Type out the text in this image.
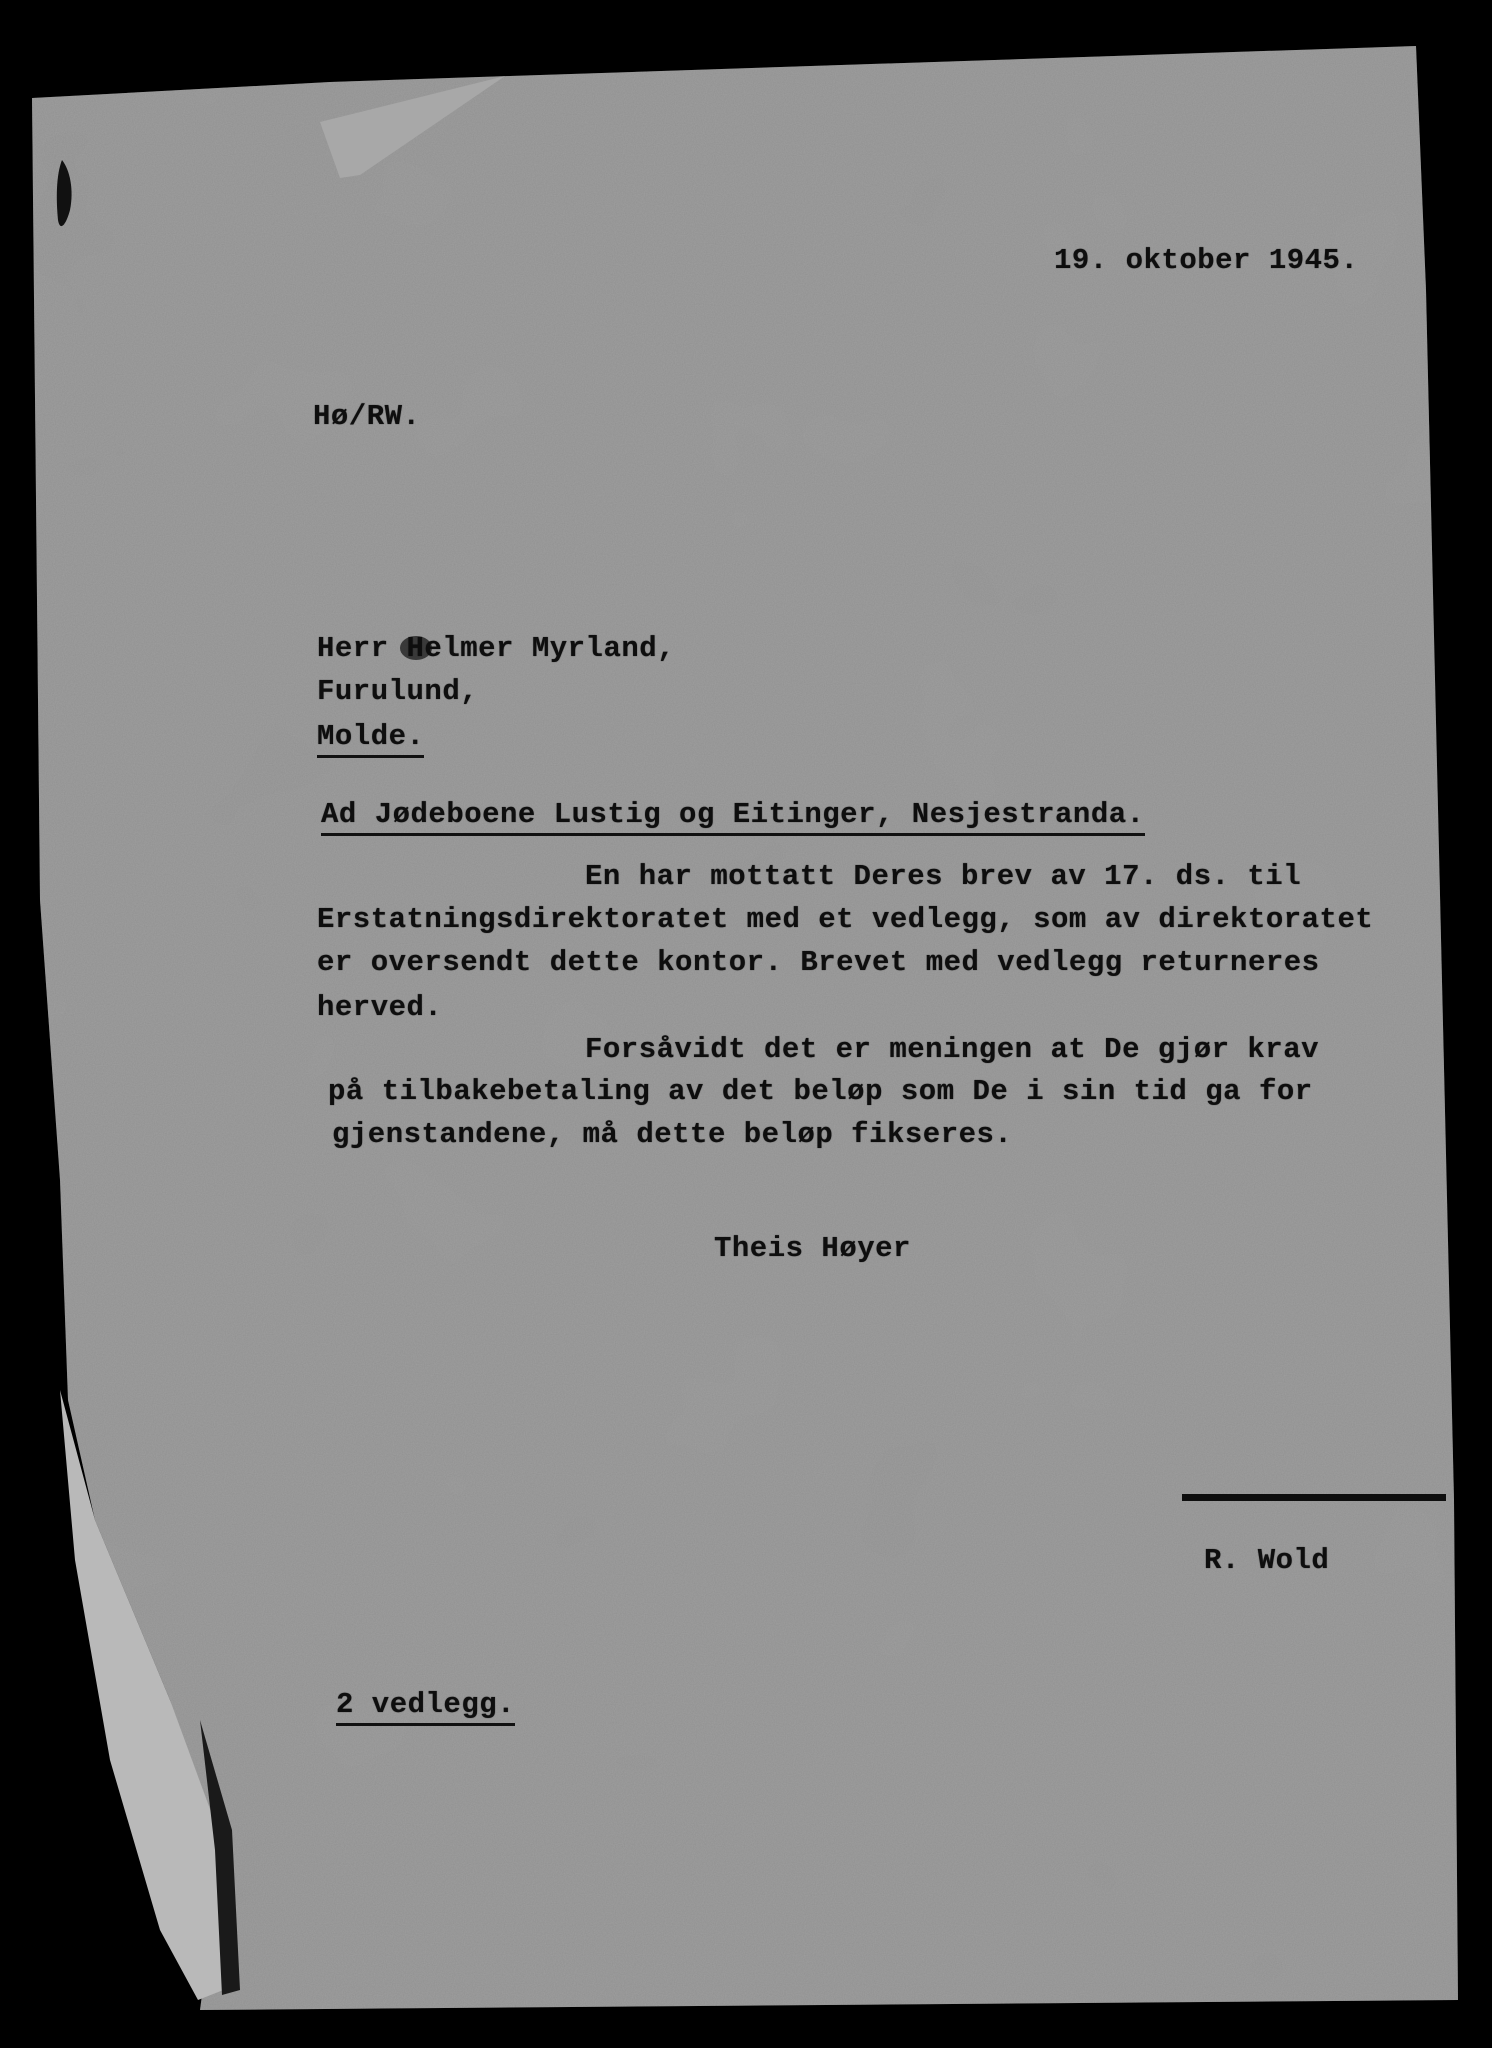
19. oktober 1945.
Hø/RW.
Herr Helmer Myrland,
Furulund,
Molde.
Ad Jødeboene Lustig og Eitinger, Nesjestranda.
En har mottatt Deres brev av 17. ds. til
Erstatningsdirektoratet med et vedlegg, som av direktoratet
er oversendt dette kontor. Brevet med vedlegg returneres
herved.
Forsåvidt det er meningen at De gjør krav
på tilbakebetaling av det beløp som De i sin tid ga for
gjenstandene, må dette beløp fikseres.
Theis Høyer
R. Wold
2 vedlegg.
